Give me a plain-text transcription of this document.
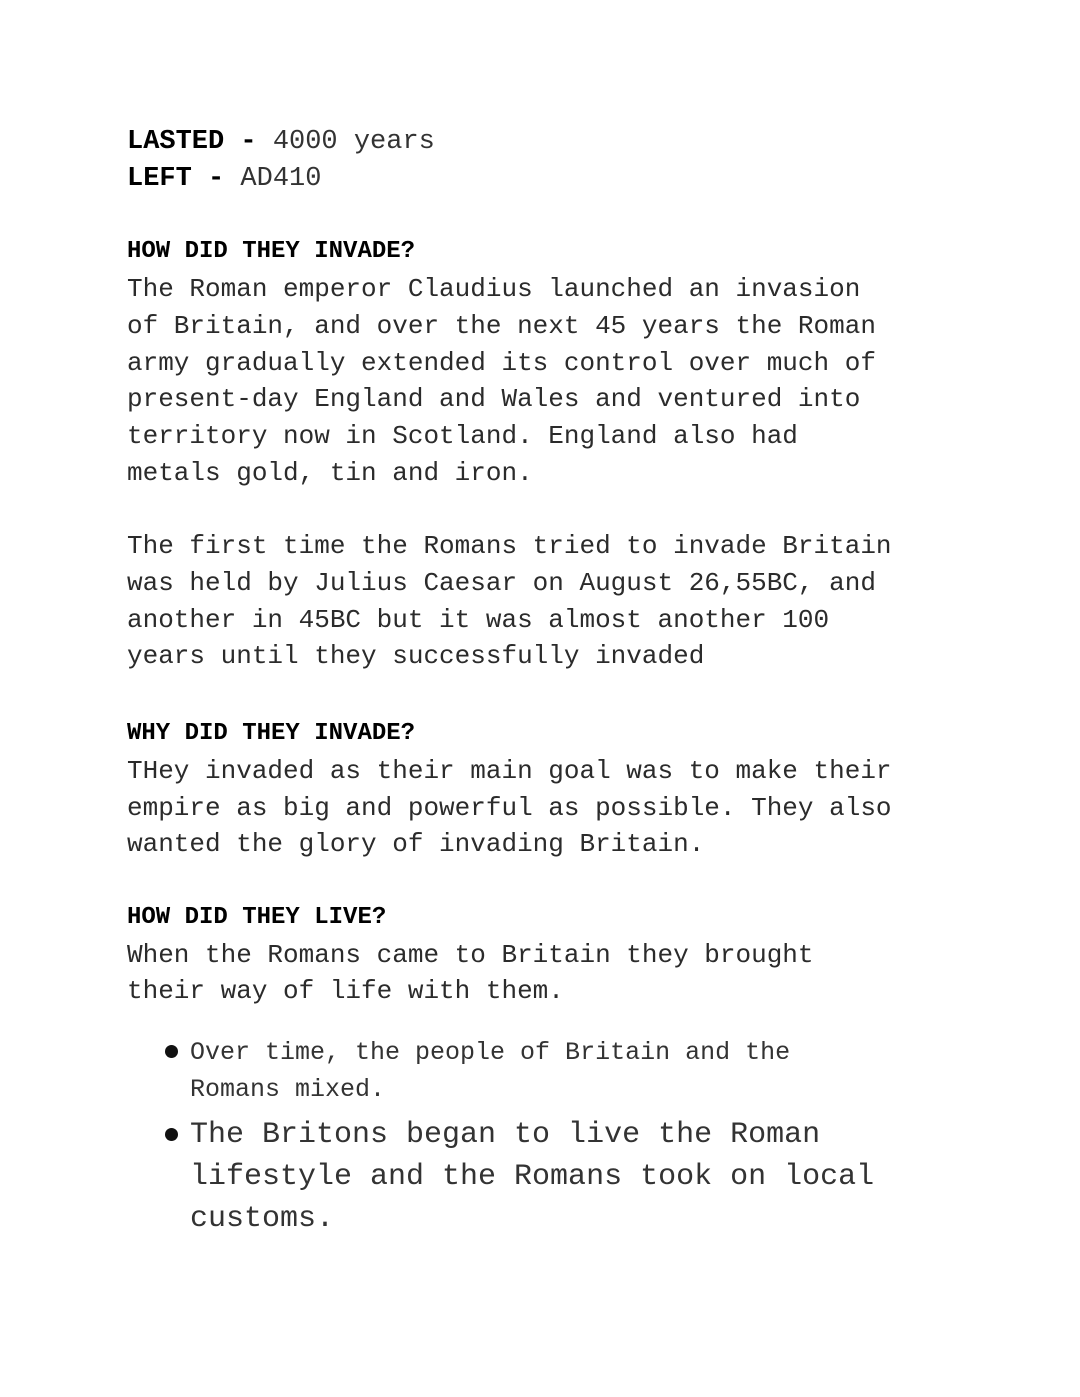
LASTED - 4000 years
LEFT - AD410
HOW DID THEY INVADE?

The Roman emperor Claudius launched an invasion
of Britain, and over the next 45 years the Roman
army gradually extended its control over much of
present-day England and Wales and ventured into
territory now in Scotland. England also had
metals gold, tin and iron.

The first time the Romans tried to invade Britain
was held by Julius Caesar on August 26,55BC, and
another in 45BC but it was almost another 100
years until they successfully invaded

WHY DID THEY INVADE?

THey invaded as their main goal was to make their
empire as big and powerful as possible. They also
wanted the glory of invading Britain.

HOW DID THEY LIVE?

When the Romans came to Britain they brought
their way of life with them.

Over time, the people of Britain and the
Romans mixed.
The Britons began to live the Roman
lifestyle and the Romans took on local
customs.
